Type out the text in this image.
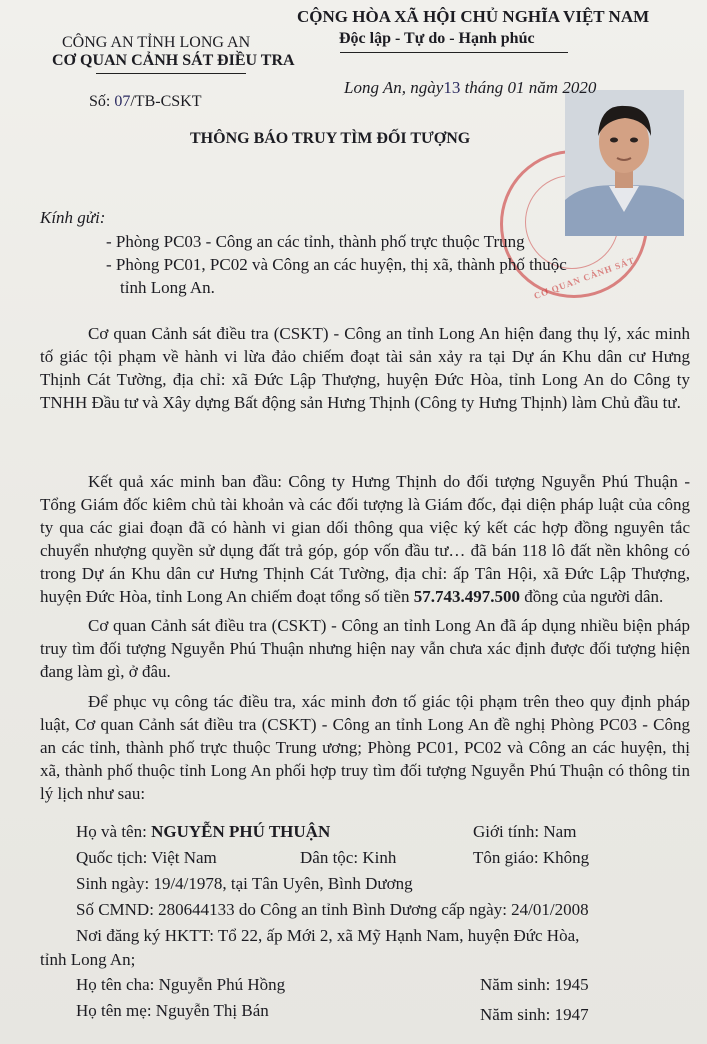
CÔNG AN TỈNH LONG AN
CƠ QUAN CẢNH SÁT ĐIỀU TRA
CỘNG HÒA XÃ HỘI CHỦ NGHĨA VIỆT NAM
Độc lập - Tự do - Hạnh phúc
Số: 07/TB-CSKT
CƠ QUAN CẢNH SÁT
Long An, ngày13 tháng 01 năm 2020
THÔNG BÁO TRUY TÌM ĐỐI TƯỢNG
Kính gửi:
- Phòng PC03 - Công an các tỉnh, thành phố trực thuộc Trung
- Phòng PC01, PC02 và Công an các huyện, thị xã, thành phố thuộc
tỉnh Long An.

Cơ quan Cảnh sát điều tra (CSKT) - Công an tỉnh Long An hiện đang thụ lý, xác minh tố giác tội phạm về hành vi lừa đảo chiếm đoạt tài sản xảy ra tại Dự án Khu dân cư Hưng Thịnh Cát Tường, địa chỉ: xã Đức Lập Thượng, huyện Đức Hòa, tỉnh Long An do Công ty TNHH Đầu tư và Xây dựng Bất động sản Hưng Thịnh (Công ty Hưng Thịnh) làm Chủ đầu tư.

Kết quả xác minh ban đầu: Công ty Hưng Thịnh do đối tượng Nguyễn Phú Thuận - Tổng Giám đốc kiêm chủ tài khoản và các đối tượng là Giám đốc, đại diện pháp luật của công ty qua các giai đoạn đã có hành vi gian dối thông qua việc ký kết các hợp đồng nguyên tắc chuyển nhượng quyền sử dụng đất trả góp, góp vốn đầu tư… đã bán 118 lô đất nền không có trong Dự án Khu dân cư Hưng Thịnh Cát Tường, địa chỉ: ấp Tân Hội, xã Đức Lập Thượng, huyện Đức Hòa, tỉnh Long An chiếm đoạt tổng số tiền 57.743.497.500 đồng của người dân.

Cơ quan Cảnh sát điều tra (CSKT) - Công an tỉnh Long An đã áp dụng nhiều biện pháp truy tìm đối tượng Nguyễn Phú Thuận nhưng hiện nay vẫn chưa xác định được đối tượng hiện đang làm gì, ở đâu.

Để phục vụ công tác điều tra, xác minh đơn tố giác tội phạm trên theo quy định pháp luật, Cơ quan Cảnh sát điều tra (CSKT) - Công an tỉnh Long An đề nghị Phòng PC03 - Công an các tỉnh, thành phố trực thuộc Trung ương; Phòng PC01, PC02 và Công an các huyện, thị xã, thành phố thuộc tỉnh Long An phối hợp truy tìm đối tượng Nguyễn Phú Thuận có thông tin lý lịch như sau:

Họ và tên: NGUYỄN PHÚ THUẬN	Giới tính: Nam
Quốc tịch: Việt Nam	Dân tộc: Kinh	Tôn giáo: Không
Sinh ngày: 19/4/1978, tại Tân Uyên, Bình Dương
Số CMND: 280644133 do Công an tỉnh Bình Dương cấp ngày: 24/01/2008
Nơi đăng ký HKTT: Tổ 22, ấp Mới 2, xã Mỹ Hạnh Nam, huyện Đức Hòa,
tỉnh Long An;
Họ tên cha: Nguyễn Phú Hồng	Năm sinh: 1945
Họ tên mẹ: Nguyễn Thị Bán	Năm sinh: 1947
